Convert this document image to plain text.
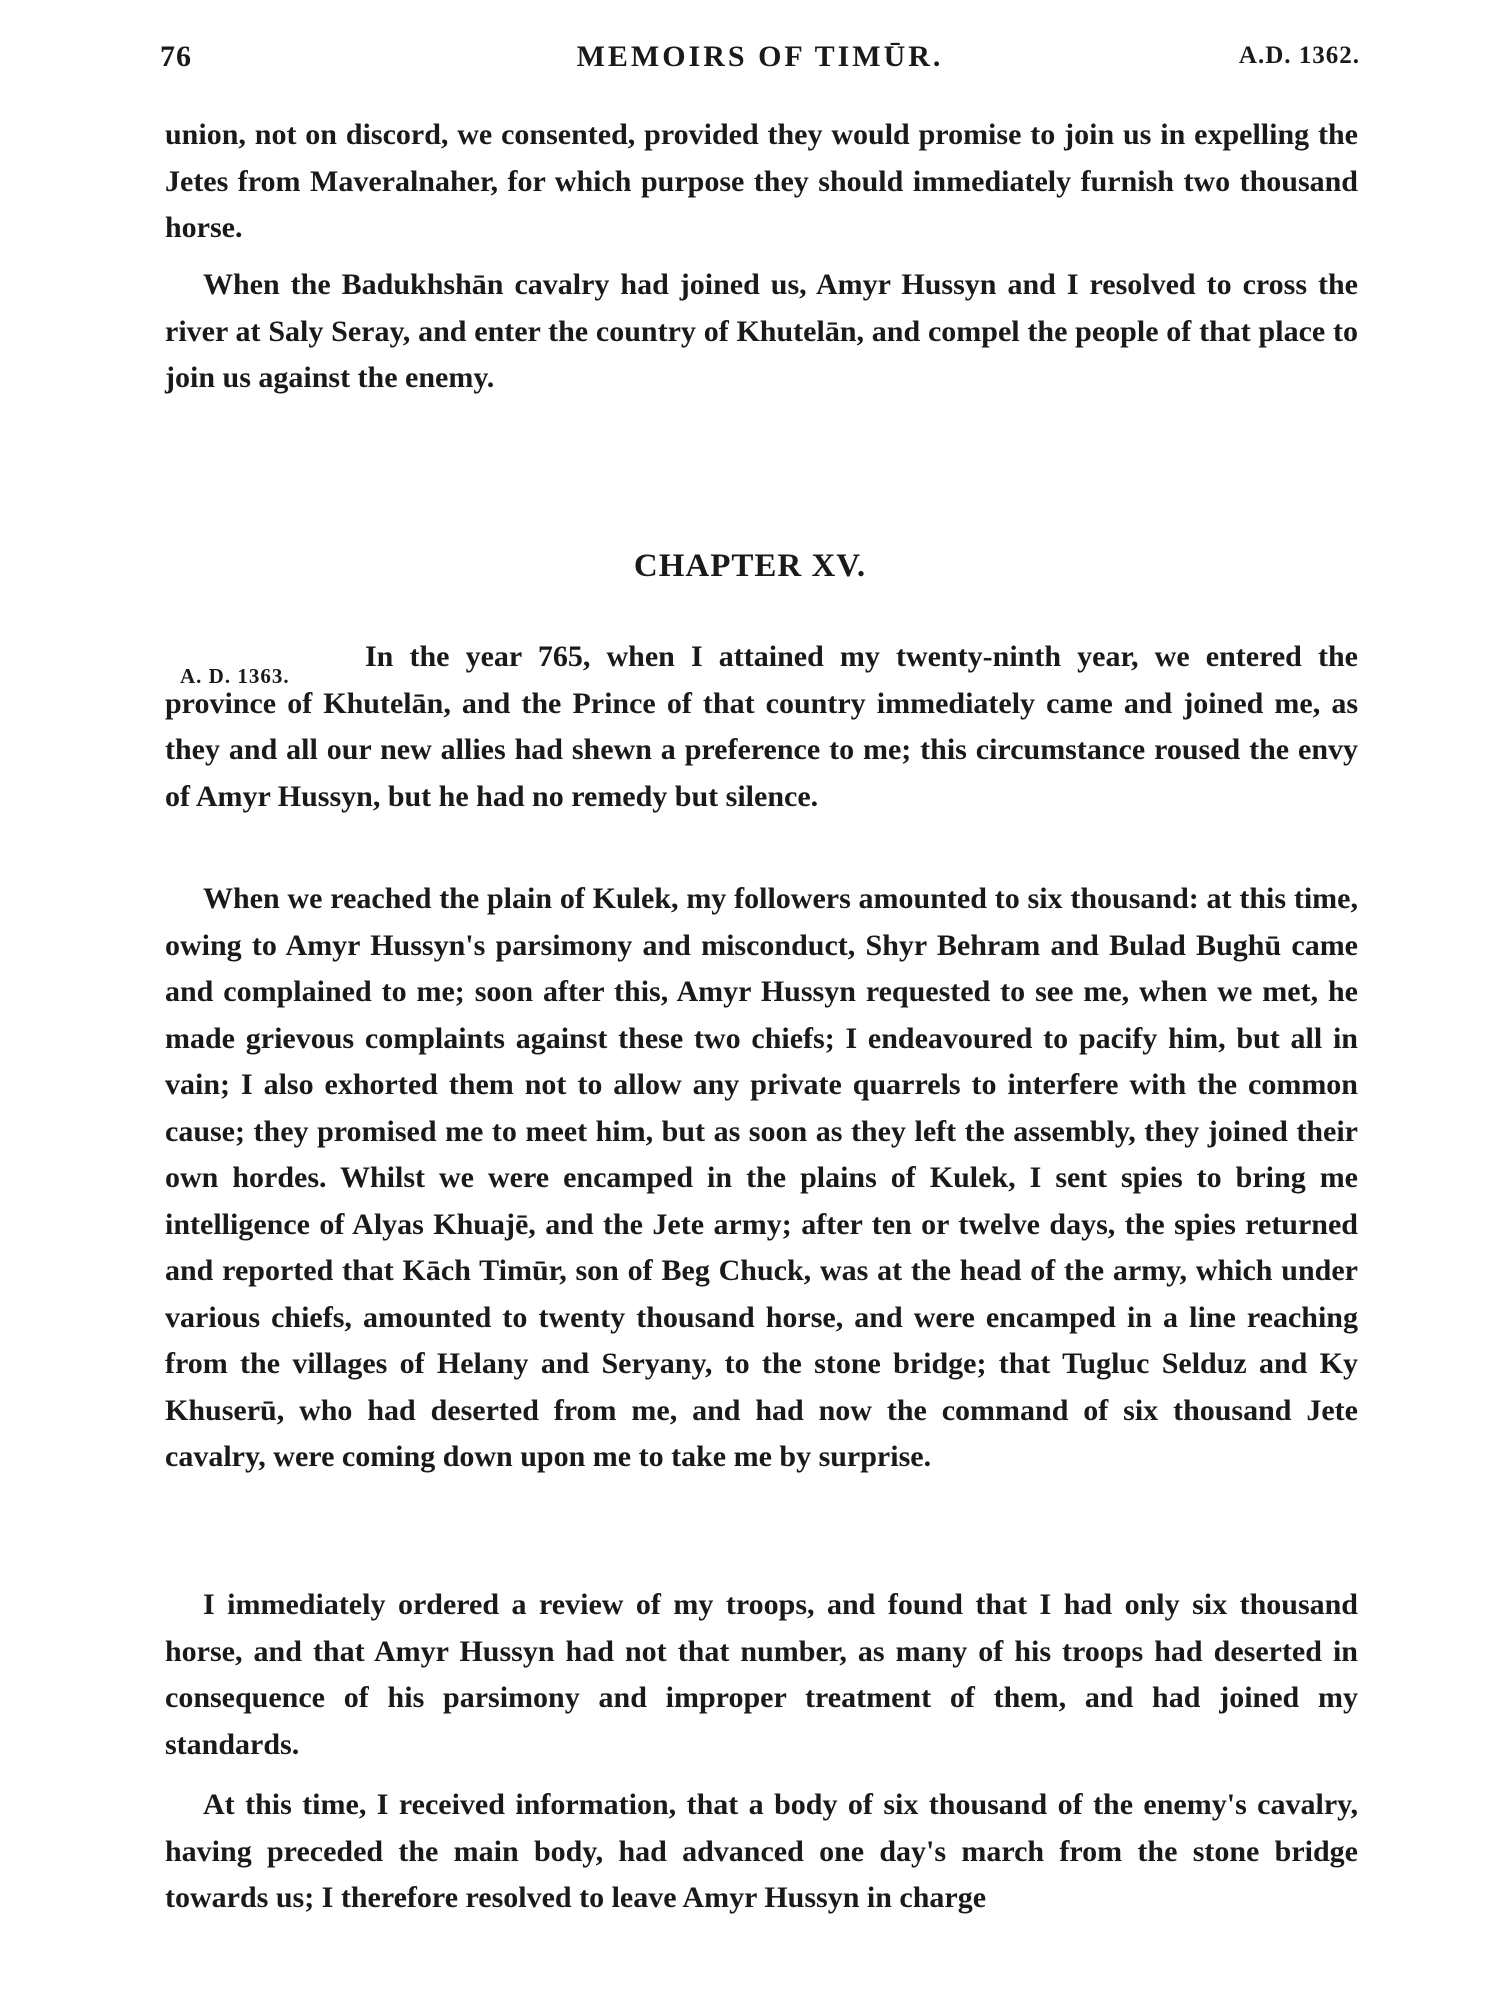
76	MEMOIRS OF TIMŪR.	A.D. 1362.

union, not on discord, we consented, provided they would promise to join us in expelling the Jetes from Maveralnaher, for which purpose they should immediately furnish two thousand horse.

When the Badukhshān cavalry had joined us, Amyr Hussyn and I resolved to cross the river at Saly Seray, and enter the country of Khutelān, and compel the people of that place to join us against the enemy.

CHAPTER XV.
A. D. 1363.

In the year 765, when I attained my twenty-ninth year, we entered the province of Khutelān, and the Prince of that country immediately came and joined me, as they and all our new allies had shewn a preference to me; this circumstance roused the envy of Amyr Hussyn, but he had no remedy but silence.

When we reached the plain of Kulek, my followers amounted to six thousand: at this time, owing to Amyr Hussyn's parsimony and misconduct, Shyr Behram and Bulad Bughū came and complained to me; soon after this, Amyr Hussyn requested to see me, when we met, he made grievous complaints against these two chiefs; I endeavoured to pacify him, but all in vain; I also exhorted them not to allow any private quarrels to interfere with the common cause; they promised me to meet him, but as soon as they left the assembly, they joined their own hordes. Whilst we were encamped in the plains of Kulek, I sent spies to bring me intelligence of Alyas Khuajē, and the Jete army; after ten or twelve days, the spies returned and reported that Kāch Timūr, son of Beg Chuck, was at the head of the army, which under various chiefs, amounted to twenty thousand horse, and were encamped in a line reaching from the villages of Helany and Seryany, to the stone bridge; that Tugluc Selduz and Ky Khuserū, who had deserted from me, and had now the command of six thousand Jete cavalry, were coming down upon me to take me by surprise.

I immediately ordered a review of my troops, and found that I had only six thousand horse, and that Amyr Hussyn had not that number, as many of his troops had deserted in consequence of his parsimony and improper treatment of them, and had joined my standards.

At this time, I received information, that a body of six thousand of the enemy's cavalry, having preceded the main body, had advanced one day's march from the stone bridge towards us; I therefore resolved to leave Amyr Hussyn in charge
